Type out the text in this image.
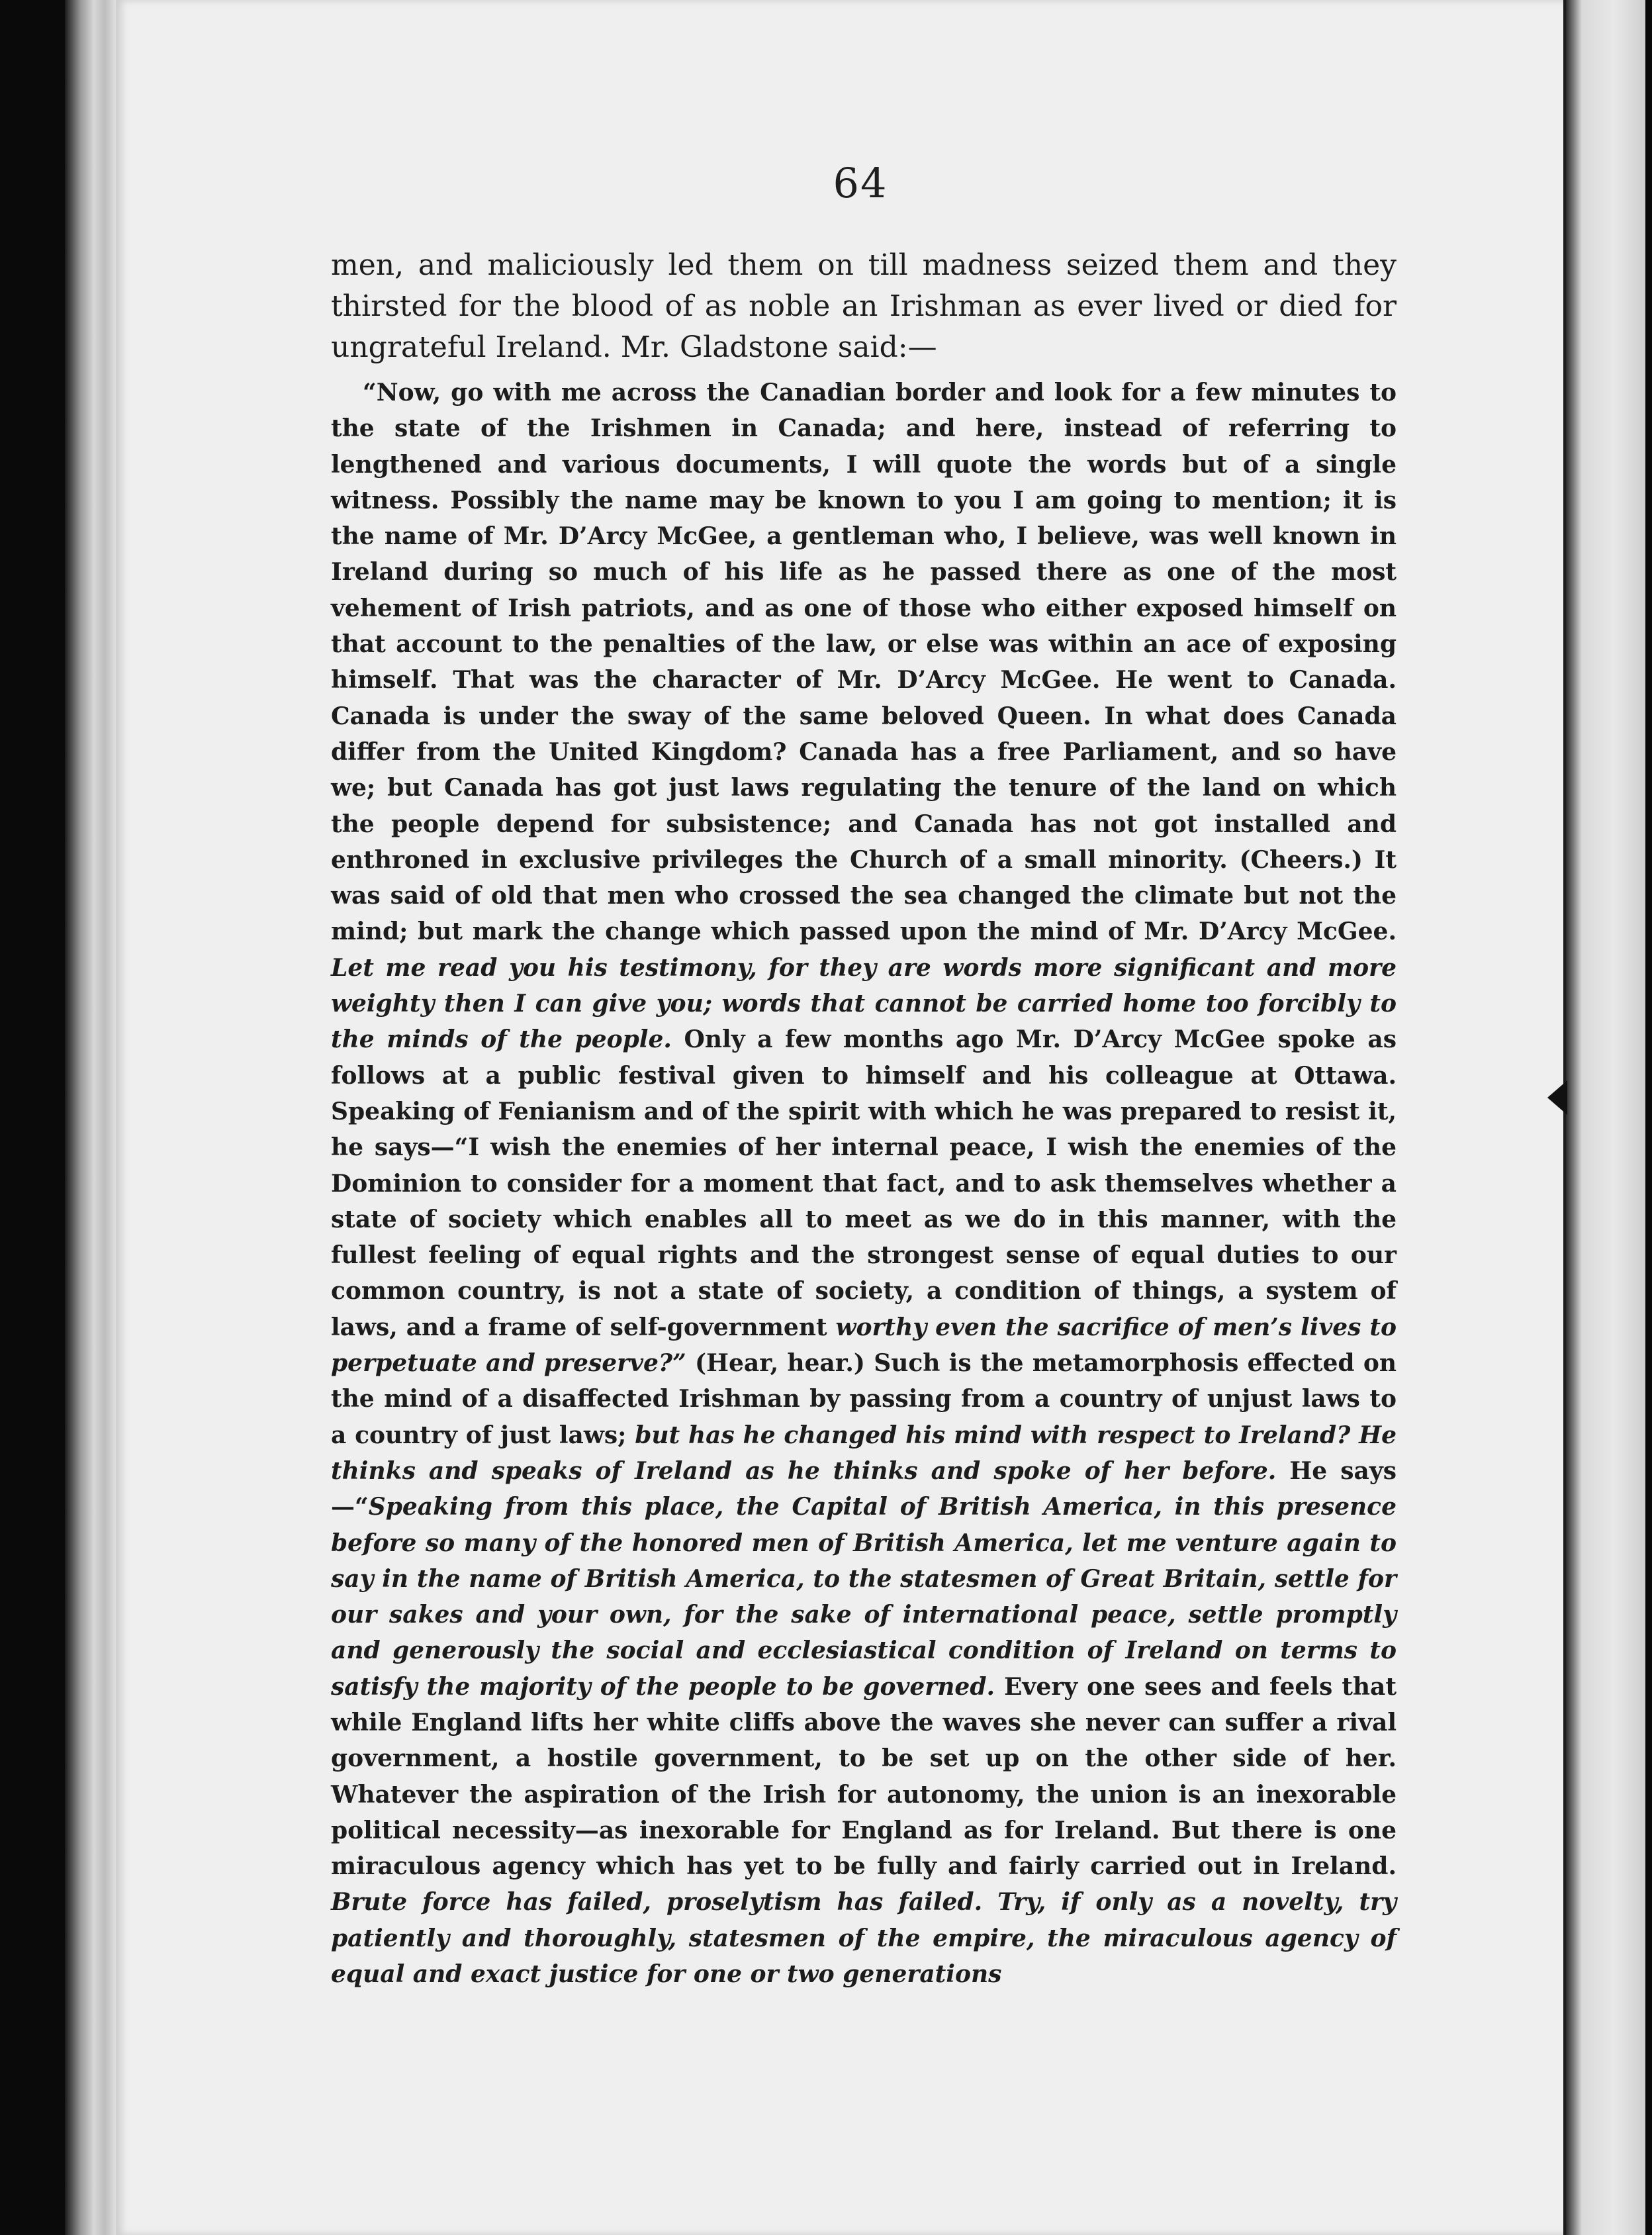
64

men, and maliciously led them on till madness seized them and they thirsted for the blood of as noble an Irishman as ever lived or died for ungrateful Ireland. Mr. Gladstone said:—

“Now, go with me across the Canadian border and look for a few minutes to the state of the Irishmen in Canada; and here, instead of referring to lengthened and various documents, I will quote the words but of a single witness. Possibly the name may be known to you I am going to mention; it is the name of Mr. D’Arcy McGee, a gentleman who, I believe, was well known in Ireland during so much of his life as he passed there as one of the most vehement of Irish patriots, and as one of those who either exposed himself on that account to the penalties of the law, or else was within an ace of exposing himself. That was the character of Mr. D’Arcy McGee. He went to Canada. Canada is under the sway of the same beloved Queen. In what does Canada differ from the United Kingdom? Canada has a free Parliament, and so have we; but Canada has got just laws regulating the tenure of the land on which the people depend for subsistence; and Canada has not got installed and enthroned in exclusive privileges the Church of a small minority. (Cheers.) It was said of old that men who crossed the sea changed the climate but not the mind; but mark the change which passed upon the mind of Mr. D’Arcy McGee. Let me read you his testimony, for they are words more significant and more weighty then I can give you; words that cannot be carried home too forcibly to the minds of the people. Only a few months ago Mr. D’Arcy McGee spoke as follows at a public festival given to himself and his colleague at Ottawa. Speaking of Fenianism and of the spirit with which he was prepared to resist it, he says—“I wish the enemies of her internal peace, I wish the enemies of the Dominion to consider for a moment that fact, and to ask themselves whether a state of society which enables all to meet as we do in this manner, with the fullest feeling of equal rights and the strongest sense of equal duties to our common country, is not a state of society, a condition of things, a system of laws, and a frame of self-government worthy even the sacrifice of men’s lives to perpetuate and preserve?” (Hear, hear.) Such is the metamorphosis effected on the mind of a disaffected Irishman by passing from a country of unjust laws to a country of just laws; but has he changed his mind with respect to Ireland? He thinks and speaks of Ireland as he thinks and spoke of her before. He says—“Speaking from this place, the Capital of British America, in this presence before so many of the honored men of British America, let me venture again to say in the name of British America, to the statesmen of Great Britain, settle for our sakes and your own, for the sake of international peace, settle promptly and generously the social and ecclesiastical condition of Ireland on terms to satisfy the majority of the people to be governed. Every one sees and feels that while England lifts her white cliffs above the waves she never can suffer a rival government, a hostile government, to be set up on the other side of her. Whatever the aspiration of the Irish for autonomy, the union is an inexorable political necessity—as inexorable for England as for Ireland. But there is one miraculous agency which has yet to be fully and fairly carried out in Ireland. Brute force has failed, proselytism has failed. Try, if only as a novelty, try patiently and thoroughly, statesmen of the empire, the miraculous agency of equal and exact justice for one or two generations
